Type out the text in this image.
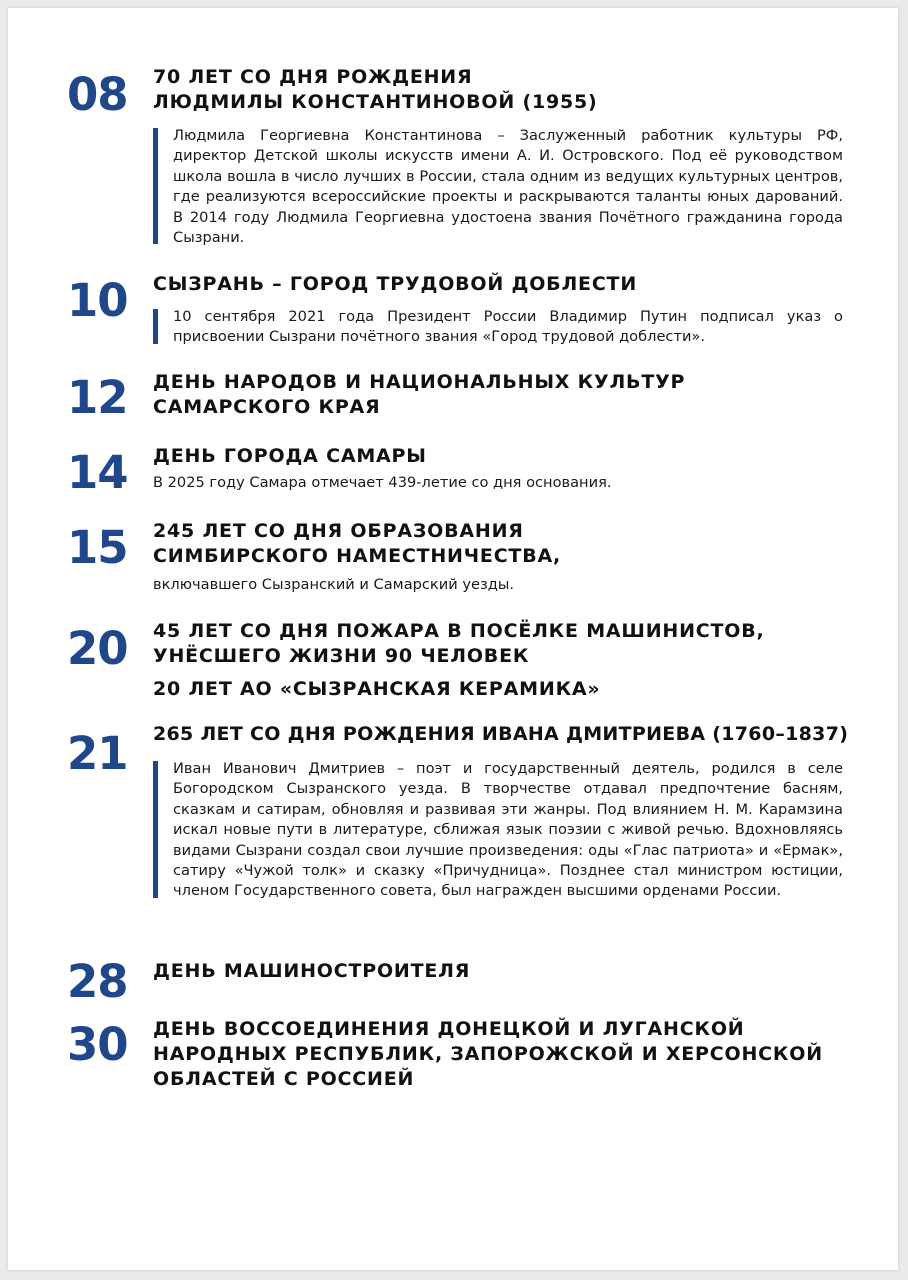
08	70 ЛЕТ СО ДНЯ РОЖДЕНИЯ
ЛЮДМИЛЫ КОНСТАНТИНОВОЙ (1955)

Людмила Георгиевна Константинова – Заслуженный работник культуры РФ, директор Детской школы искусств имени А. И. Островского. Под её руководством школа вошла в число лучших в России, стала одним из ведущих культурных центров, где реализуются всероссийские проекты и раскрываются таланты юных дарований. В 2014 году Людмила Георгиевна удостоена звания Почётного гражданина города Сызрани.

10	СЫЗРАНЬ – ГОРОД ТРУДОВОЙ ДОБЛЕСТИ

10 сентября 2021 года Президент России Владимир Путин подписал указ о присвоении Сызрани почётного звания «Город трудовой доблести».

12	ДЕНЬ НАРОДОВ И НАЦИОНАЛЬНЫХ КУЛЬТУР
САМАРСКОГО КРАЯ
14	ДЕНЬ ГОРОДА САМАРЫ
В 2025 году Самара отмечает 439-летие со дня основания.
15	245 ЛЕТ СО ДНЯ ОБРАЗОВАНИЯ
СИМБИРСКОГО НАМЕСТНИЧЕСТВА,
включавшего Сызранский и Самарский уезды.
20	45 ЛЕТ СО ДНЯ ПОЖАРА В ПОСЁЛКЕ МАШИНИСТОВ,
УНЁСШЕГО ЖИЗНИ 90 ЧЕЛОВЕК
20 ЛЕТ АО «СЫЗРАНСКАЯ КЕРАМИКА»
21	265 ЛЕТ СО ДНЯ РОЖДЕНИЯ ИВАНА ДМИТРИЕВА (1760–1837)

Иван Иванович Дмитриев – поэт и государственный деятель, родился в селе Богородском Сызранского уезда. В творчестве отдавал предпочтение басням, сказкам и сатирам, обновляя и развивая эти жанры. Под влиянием Н. М. Карамзина искал новые пути в литературе, сближая язык поэзии с живой речью. Вдохновляясь видами Сызрани создал свои лучшие произведения: оды «Глас патриота» и «Ермак», сатиру «Чужой толк» и сказку «Причудница». Позднее стал министром юстиции, членом Государственного совета, был награжден высшими орденами России.

28	ДЕНЬ МАШИНОСТРОИТЕЛЯ
30	ДЕНЬ ВОССОЕДИНЕНИЯ ДОНЕЦКОЙ И ЛУГАНСКОЙ
НАРОДНЫХ РЕСПУБЛИК, ЗАПОРОЖСКОЙ И ХЕРСОНСКОЙ
ОБЛАСТЕЙ С РОССИЕЙ
